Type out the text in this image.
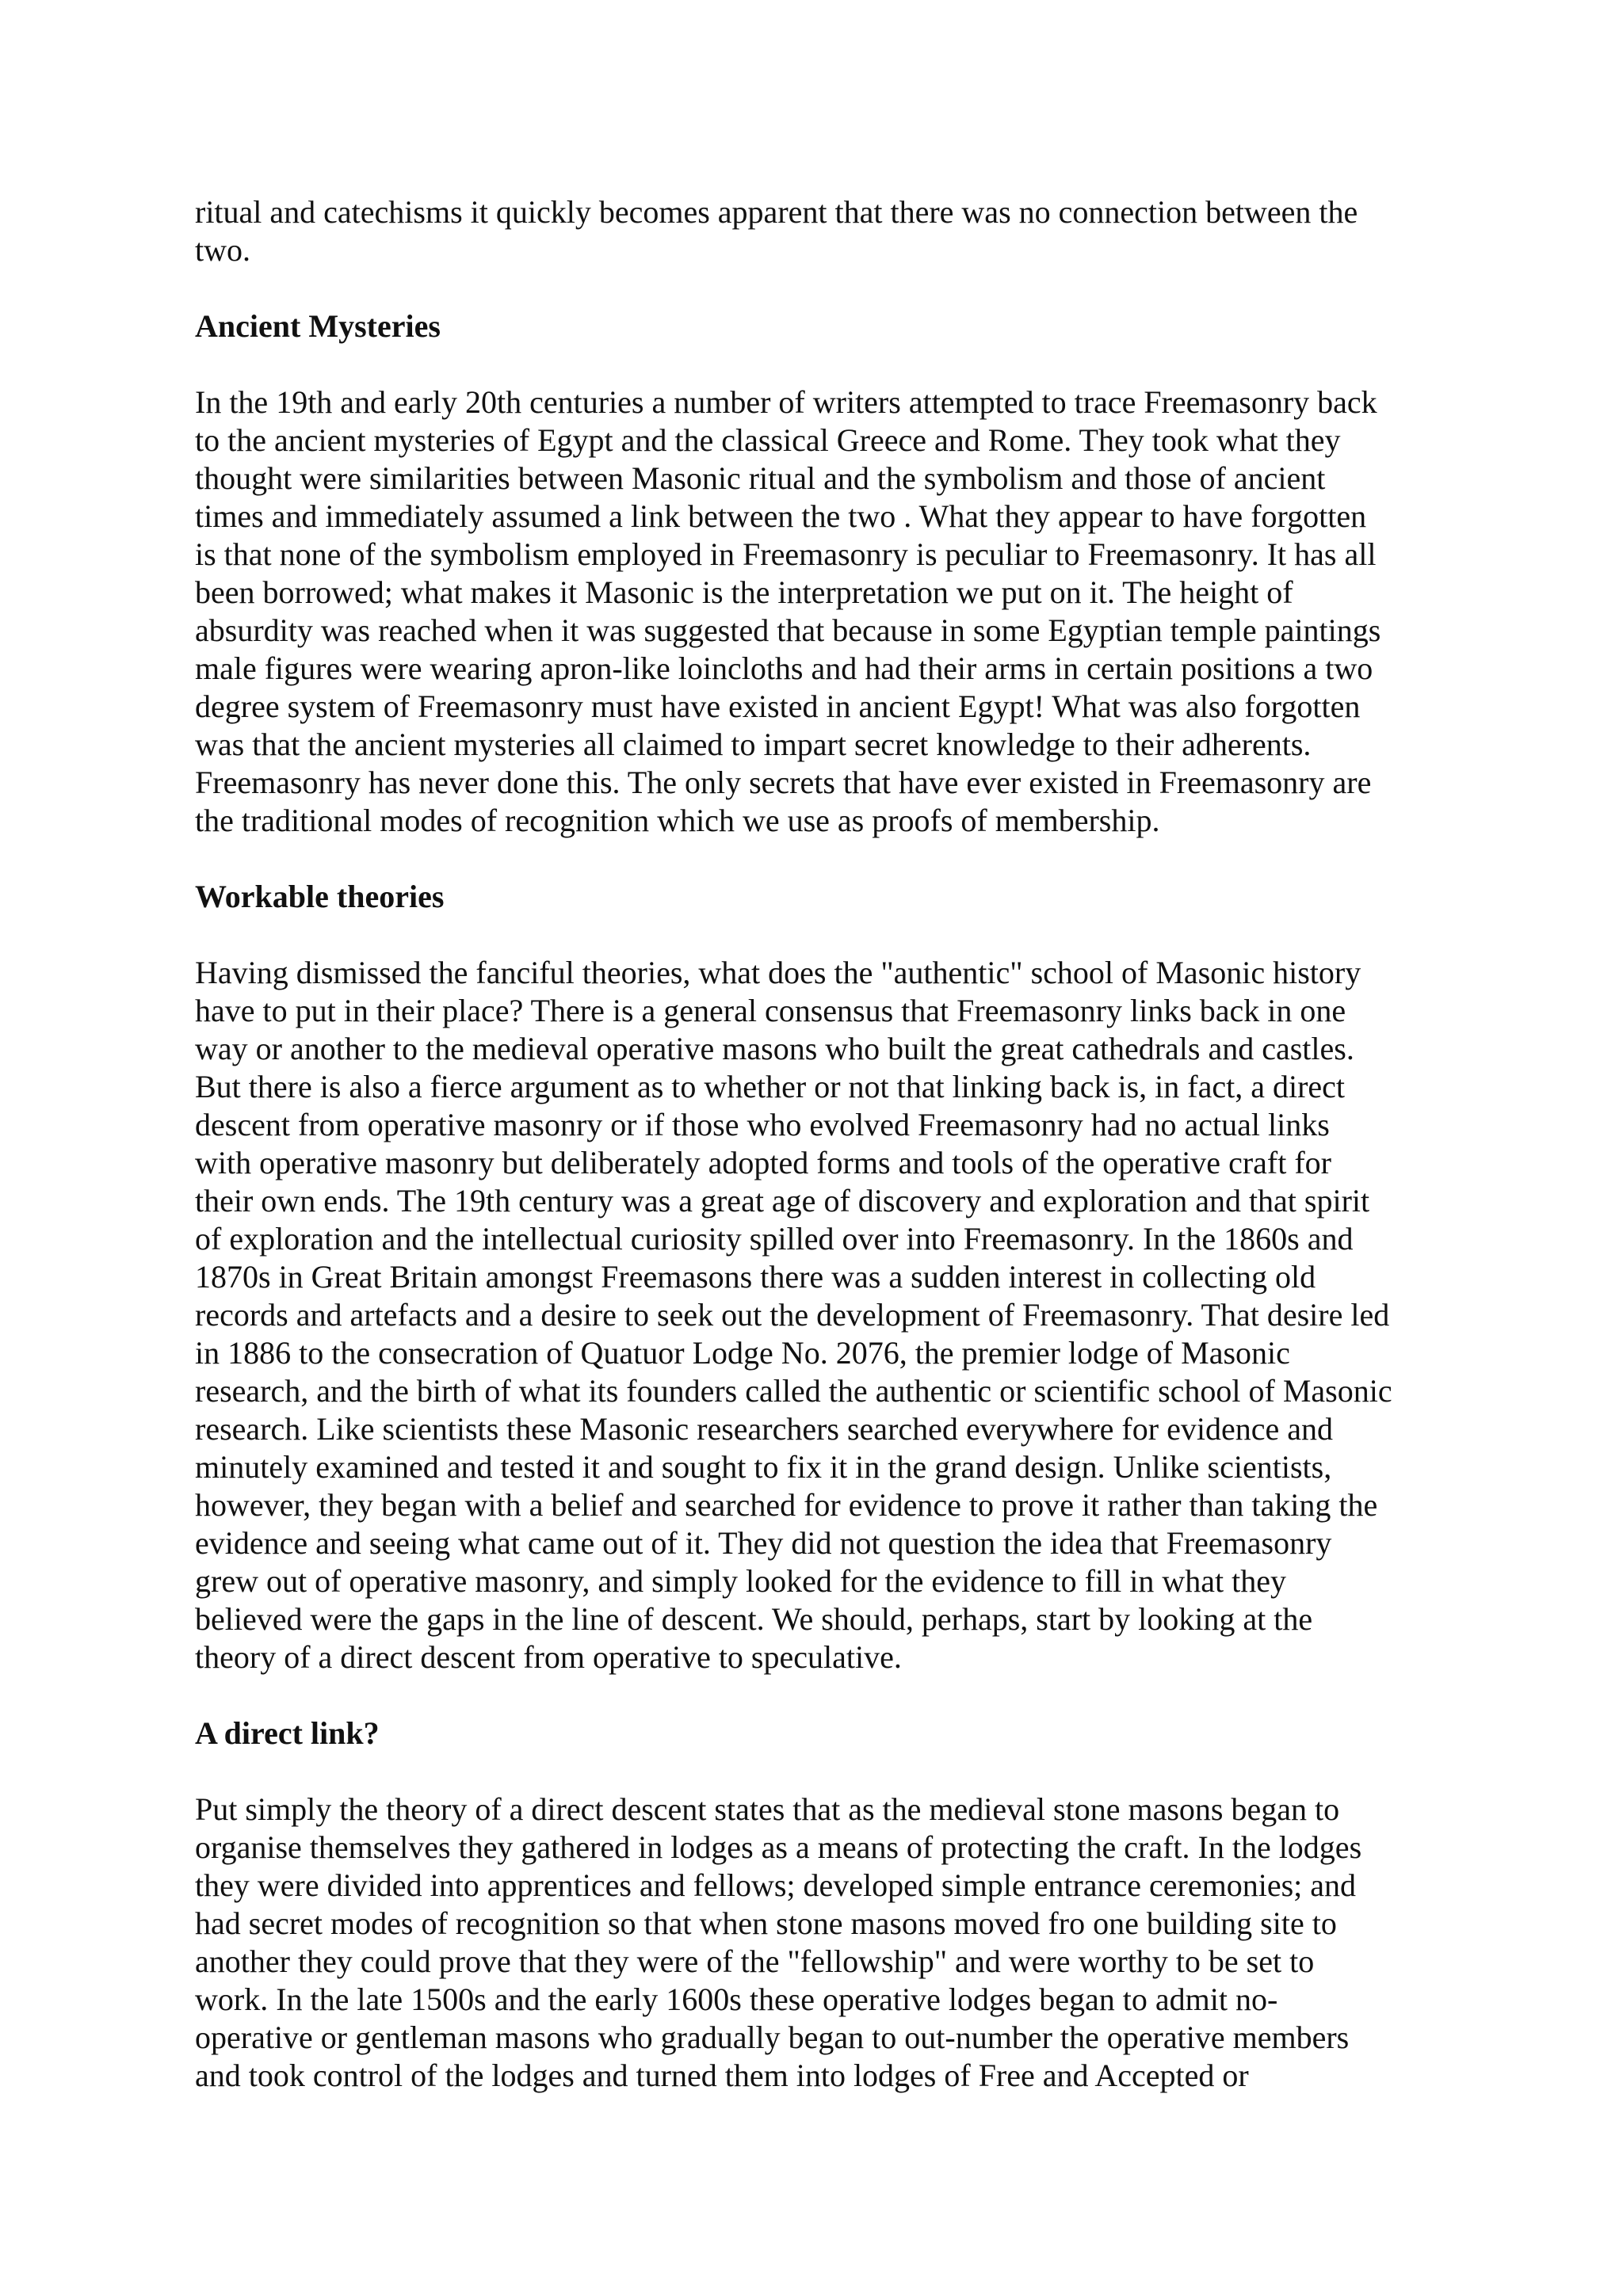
ritual and catechisms it quickly becomes apparent that there was no connection between the
two.

Ancient Mysteries

In the 19th and early 20th centuries a number of writers attempted to trace Freemasonry back
to the ancient mysteries of Egypt and the classical Greece and Rome. They took what they
thought were similarities between Masonic ritual and the symbolism and those of ancient
times and immediately assumed a link between the two . What they appear to have forgotten
is that none of the symbolism employed in Freemasonry is peculiar to Freemasonry. It has all
been borrowed; what makes it Masonic is the interpretation we put on it. The height of
absurdity was reached when it was suggested that because in some Egyptian temple paintings
male figures were wearing apron-like loincloths and had their arms in certain positions a two
degree system of Freemasonry must have existed in ancient Egypt! What was also forgotten
was that the ancient mysteries all claimed to impart secret knowledge to their adherents.
Freemasonry has never done this. The only secrets that have ever existed in Freemasonry are
the traditional modes of recognition which we use as proofs of membership.

Workable theories

Having dismissed the fanciful theories, what does the "authentic" school of Masonic history
have to put in their place? There is a general consensus that Freemasonry links back in one
way or another to the medieval operative masons who built the great cathedrals and castles.
But there is also a fierce argument as to whether or not that linking back is, in fact, a direct
descent from operative masonry or if those who evolved Freemasonry had no actual links
with operative masonry but deliberately adopted forms and tools of the operative craft for
their own ends. The 19th century was a great age of discovery and exploration and that spirit
of exploration and the intellectual curiosity spilled over into Freemasonry. In the 1860s and
1870s in Great Britain amongst Freemasons there was a sudden interest in collecting old
records and artefacts and a desire to seek out the development of Freemasonry. That desire led
in 1886 to the consecration of Quatuor Lodge No. 2076, the premier lodge of Masonic
research, and the birth of what its founders called the authentic or scientific school of Masonic
research. Like scientists these Masonic researchers searched everywhere for evidence and
minutely examined and tested it and sought to fix it in the grand design. Unlike scientists,
however, they began with a belief and searched for evidence to prove it rather than taking the
evidence and seeing what came out of it. They did not question the idea that Freemasonry
grew out of operative masonry, and simply looked for the evidence to fill in what they
believed were the gaps in the line of descent. We should, perhaps, start by looking at the
theory of a direct descent from operative to speculative.

A direct link?

Put simply the theory of a direct descent states that as the medieval stone masons began to
organise themselves they gathered in lodges as a means of protecting the craft. In the lodges
they were divided into apprentices and fellows; developed simple entrance ceremonies; and
had secret modes of recognition so that when stone masons moved fro one building site to
another they could prove that they were of the "fellowship" and were worthy to be set to
work. In the late 1500s and the early 1600s these operative lodges began to admit no-
operative or gentleman masons who gradually began to out-number the operative members
and took control of the lodges and turned them into lodges of Free and Accepted or
